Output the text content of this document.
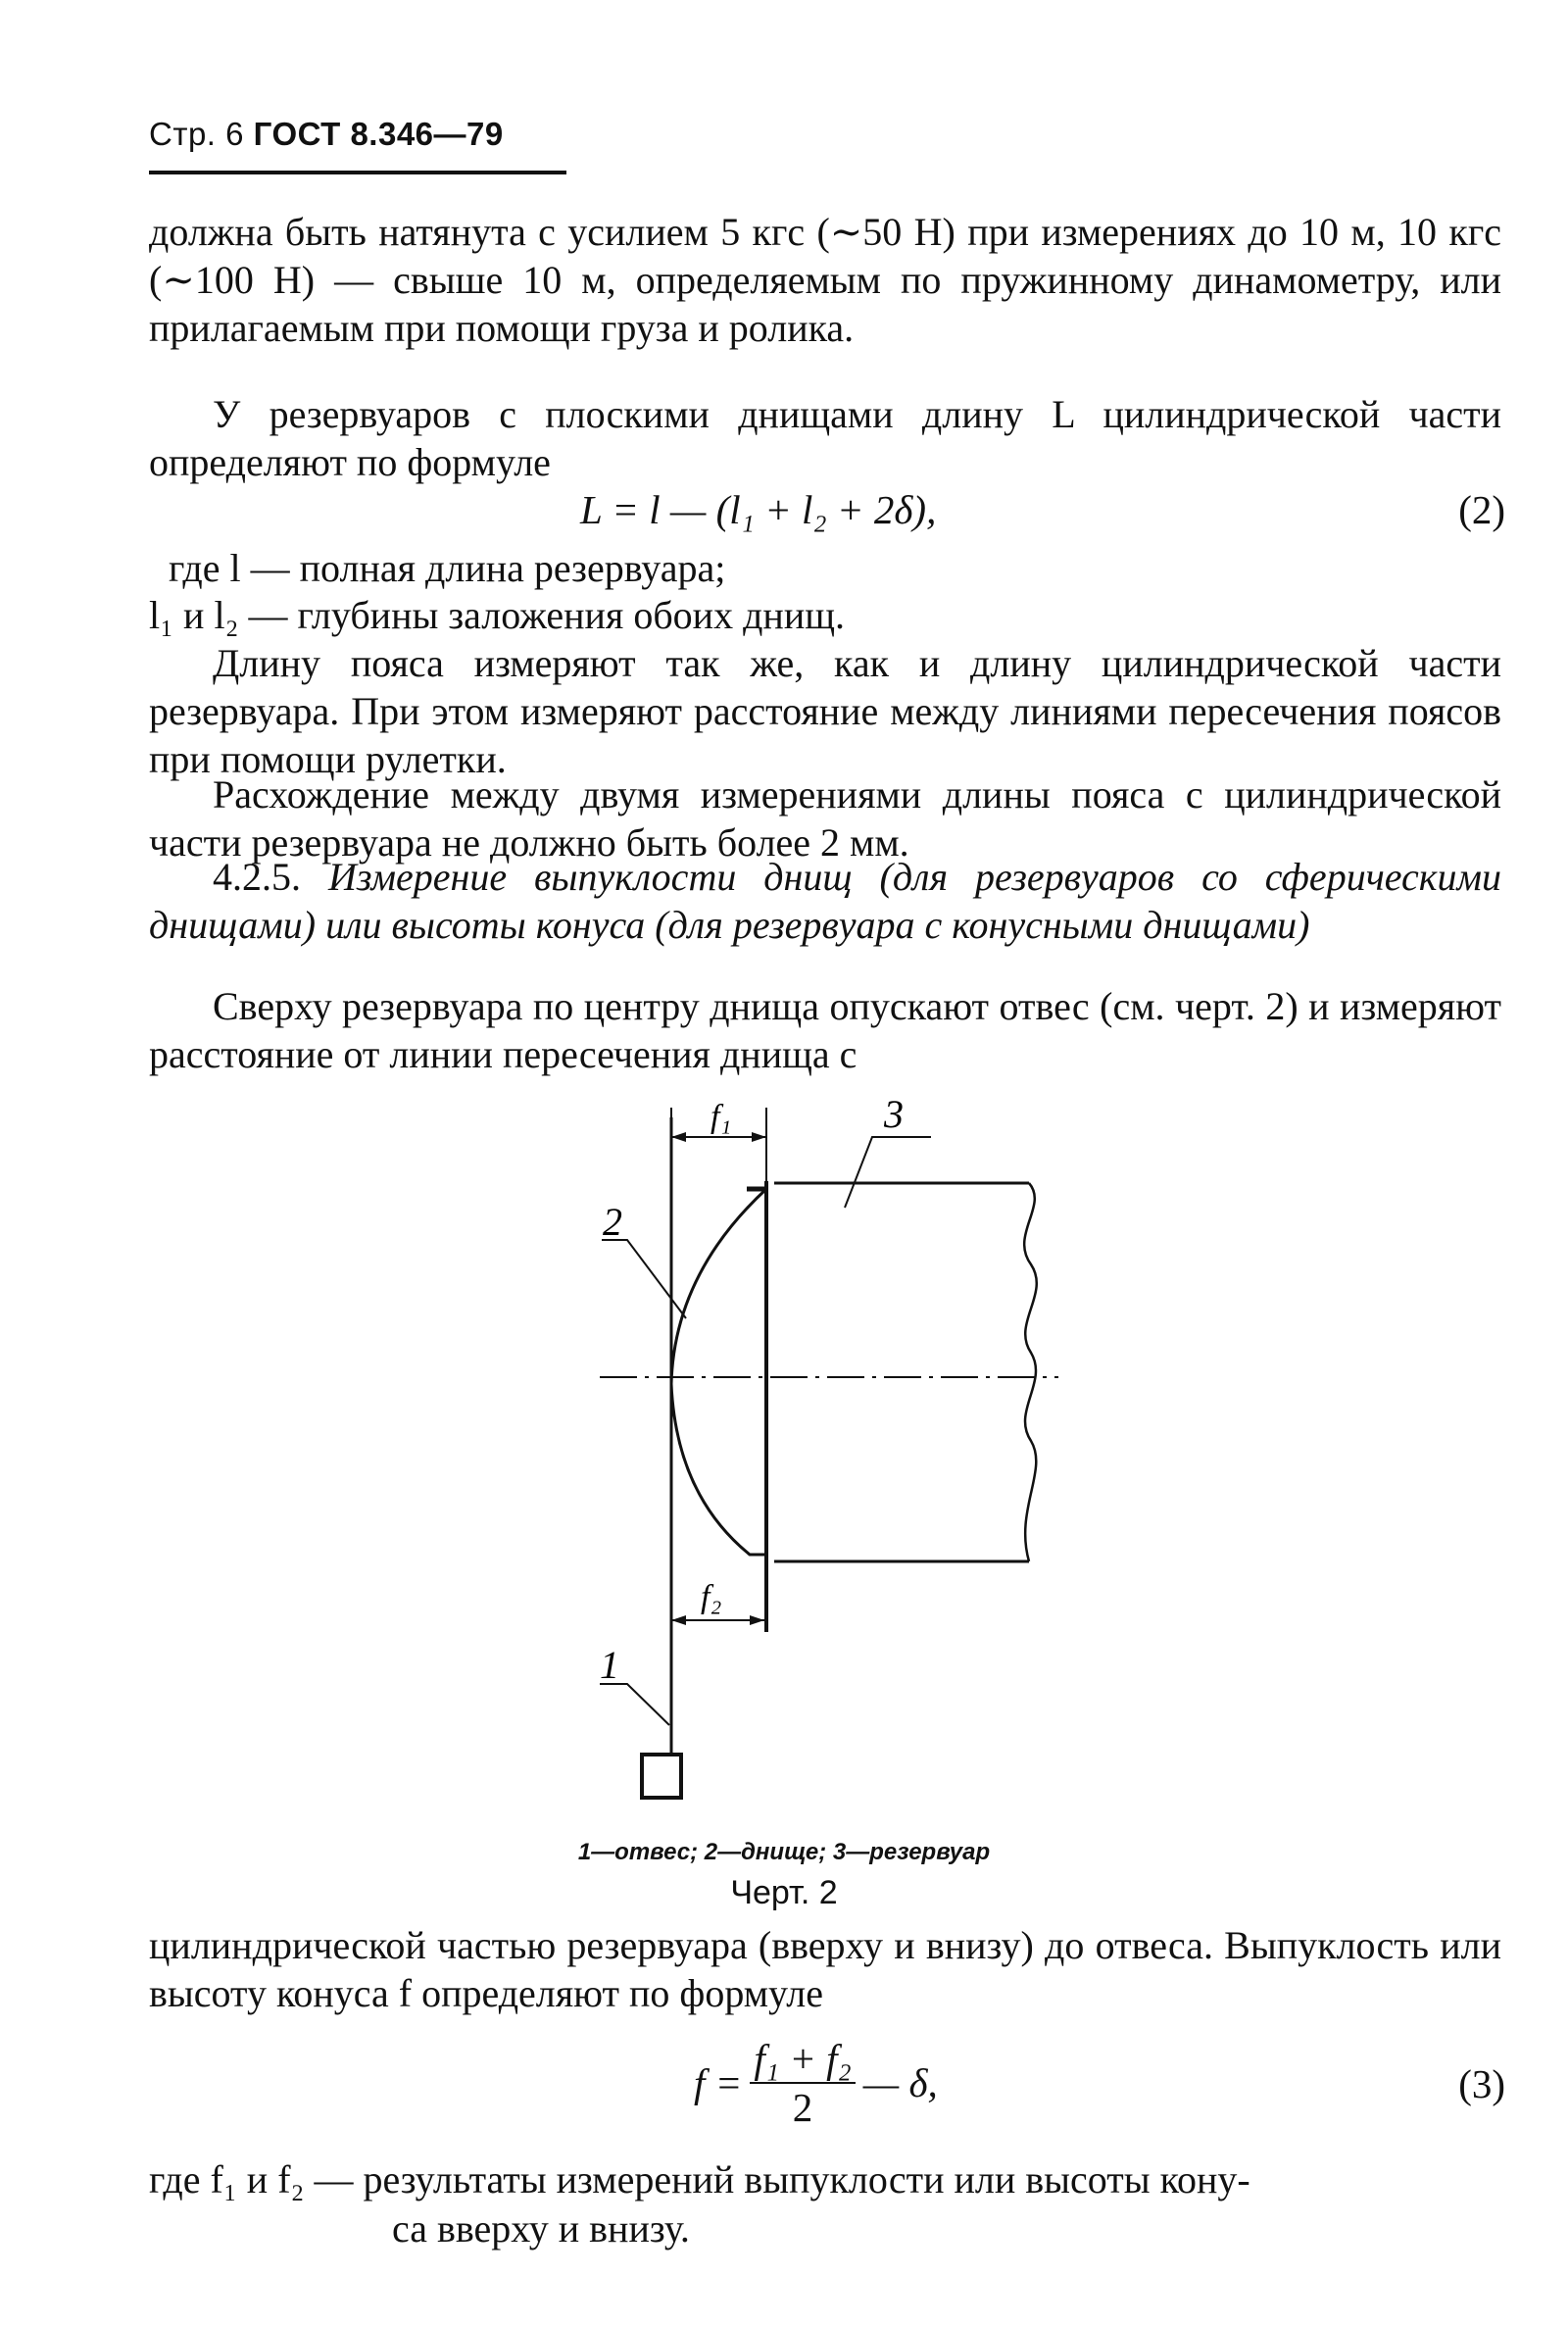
Стр. 6 ГОСТ 8.346—79

должна быть натянута с усилием 5 кгс (∼50 Н) при измерениях до 10 м, 10 кгс (∼100 Н) — свыше 10 м, определяемым по пружинному динамометру, или прилагаемым при помощи груза и ролика.

У резервуаров с плоскими днищами длину L цилиндрической части определяют по формуле

L = l — (l₁ + l₂ + 2δ),	(2)
где l — полная длина резервуара;
l₁ и l₂ — глубины заложения обоих днищ.

Длину пояса измеряют так же, как и длину цилиндрической части резервуара. При этом измеряют расстояние между линиями пересечения поясов при помощи рулетки.

Расхождение между двумя измерениями длины пояса с цилиндрической части резервуара не должно быть более 2 мм.

4.2.5. Измерение выпуклости днищ (для резервуаров со сферическими днищами) или высоты конуса (для резервуара с конусными днищами)

Сверху резервуара по центру днища опускают отвес (см. черт. 2) и измеряют расстояние от линии пересечения днища с

f₁
f₂
3
2
1
1—отвес; 2—днище; 3—резервуар
Черт. 2

цилиндрической частью резервуара (вверху и внизу) до отвеса. Выпуклость или высоту конуса f определяют по формуле

$f = \frac{\text{f₁ + f₂}}{2}$ — δ,	(3)
где f₁ и f₂ — результаты измерений выпуклости или высоты кону-
са вверху и внизу.
